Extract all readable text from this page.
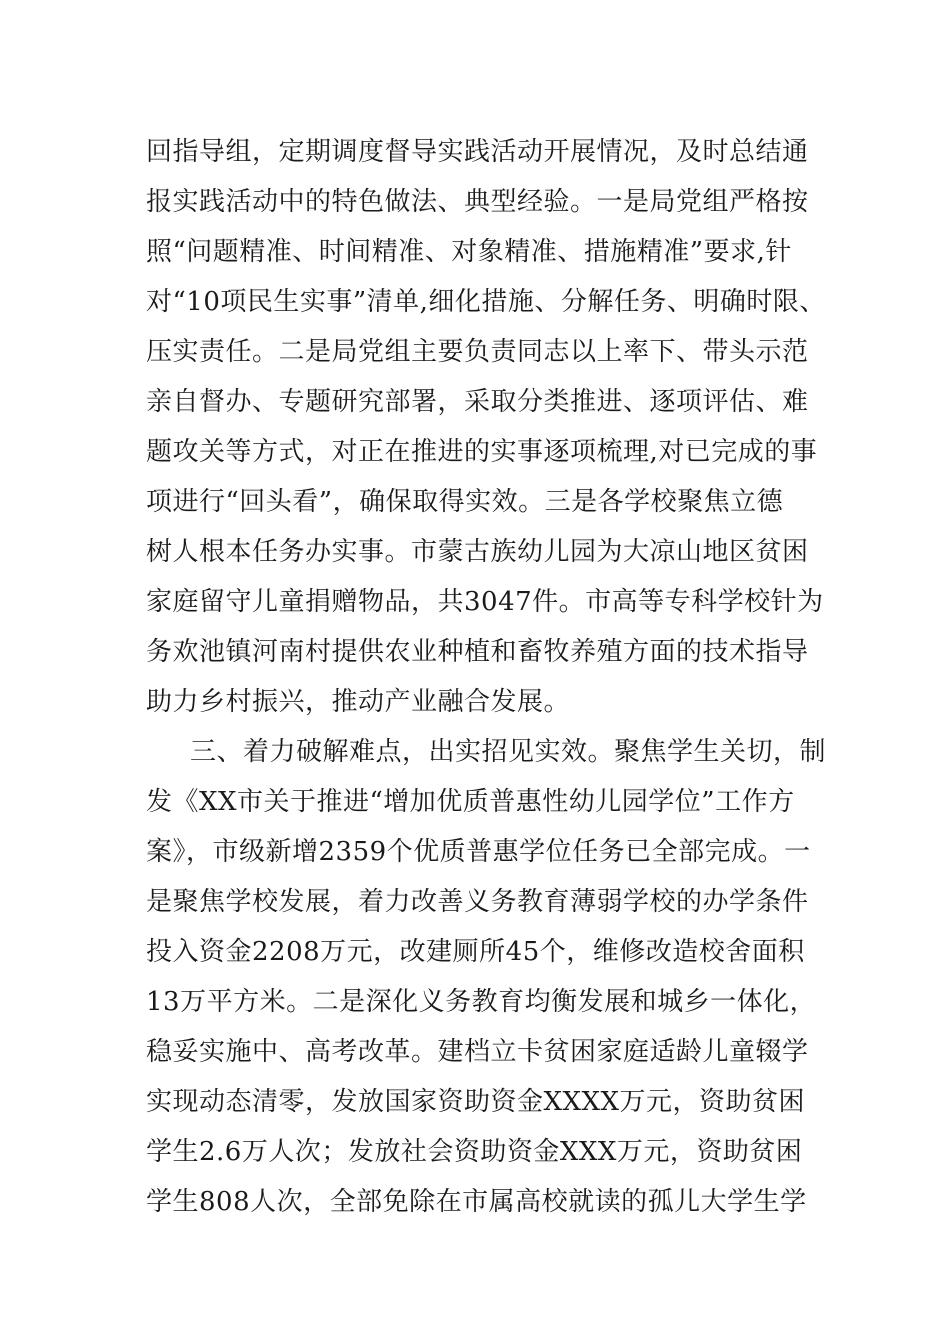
回指导组，定期调度督导实践活动开展情况，及时总结通

报实践活动中的特色做法、典型经验。一是局党组严格按

照“问题精准、时间精准、对象精准、措施精准”要求,针

对“10项民生实事”清单,细化措施、分解任务、明确时限、

压实责任。二是局党组主要负责同志以上率下、带头示范

亲自督办、专题研究部署，采取分类推进、逐项评估、难

题攻关等方式，对正在推进的实事逐项梳理,对已完成的事

项进行“回头看”，确保取得实效。三是各学校聚焦立德

树人根本任务办实事。市蒙古族幼儿园为大凉山地区贫困

家庭留守儿童捐赠物品，共3047件。市高等专科学校针为

务欢池镇河南村提供农业种植和畜牧养殖方面的技术指导

助力乡村振兴，推动产业融合发展。

三、着力破解难点，出实招见实效。聚焦学生关切，制

发《XX市关于推进“增加优质普惠性幼儿园学位”工作方

案》，市级新增2359个优质普惠学位任务已全部完成。一

是聚焦学校发展，着力改善义务教育薄弱学校的办学条件

投入资金2208万元，改建厕所45个，维修改造校舍面积

13万平方米。二是深化义务教育均衡发展和城乡一体化，

稳妥实施中、高考改革。建档立卡贫困家庭适龄儿童辍学

实现动态清零，发放国家资助资金XXXX万元，资助贫困

学生2.6万人次；发放社会资助资金XXX万元，资助贫困

学生808人次，全部免除在市属高校就读的孤儿大学生学
